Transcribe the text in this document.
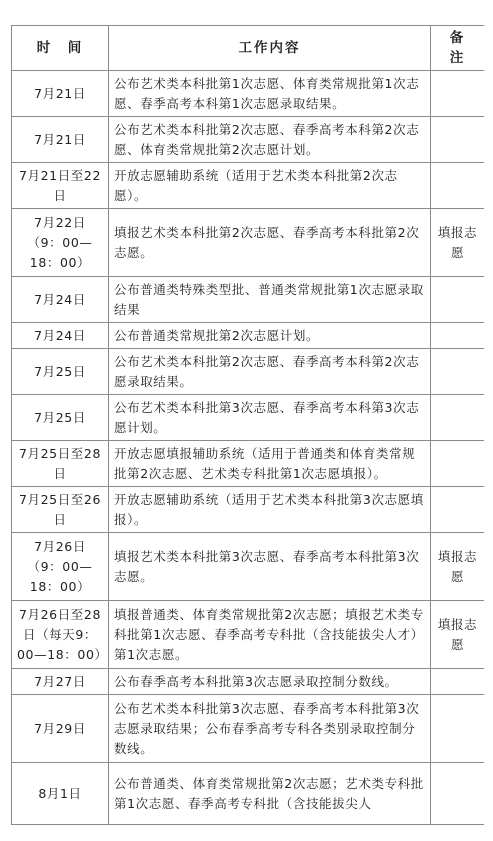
时　间	工作内容	备　注
7月21日	公布艺术类本科批第1次志愿、体育类常规批第1次志愿、春季高考本科第1次志愿录取结果。	
7月21日	公布艺术类本科批第2次志愿、春季高考本科第2次志愿、体育类常规批第2次志愿计划。	
7月21日至22日	开放志愿辅助系统（适用于艺术类本科批第2次志愿）。	
7月22日（9：00—18：00）	填报艺术类本科批第2次志愿、春季高考本科批第2次志愿。	填报志愿
7月24日	公布普通类特殊类型批、普通类常规批第1次志愿录取结果	
7月24日	公布普通类常规批第2次志愿计划。	
7月25日	公布艺术类本科批第2次志愿、春季高考本科第2次志愿录取结果。	
7月25日	公布艺术类本科批第3次志愿、春季高考本科第3次志愿计划。	
7月25日至28日	开放志愿填报辅助系统（适用于普通类和体育类常规批第2次志愿、艺术类专科批第1次志愿填报）。	
7月25日至26日	开放志愿辅助系统（适用于艺术类本科批第3次志愿填报）。	
7月26日（9：00—18：00）	填报艺术类本科批第3次志愿、春季高考本科批第3次志愿。	填报志愿
7月26日至28日（每天9：00—18：00）	填报普通类、体育类常规批第2次志愿；填报艺术类专科批第1次志愿、春季高考专科批（含技能拔尖人才）第1次志愿。	填报志愿
7月27日	公布春季高考本科批第3次志愿录取控制分数线。	
7月29日	公布艺术类本科批第3次志愿、春季高考本科批第3次志愿录取结果；公布春季高考专科各类别录取控制分数线。	
8月1日	公布普通类、体育类常规批第2次志愿；艺术类专科批第1次志愿、春季高考专科批（含技能拔尖人	
